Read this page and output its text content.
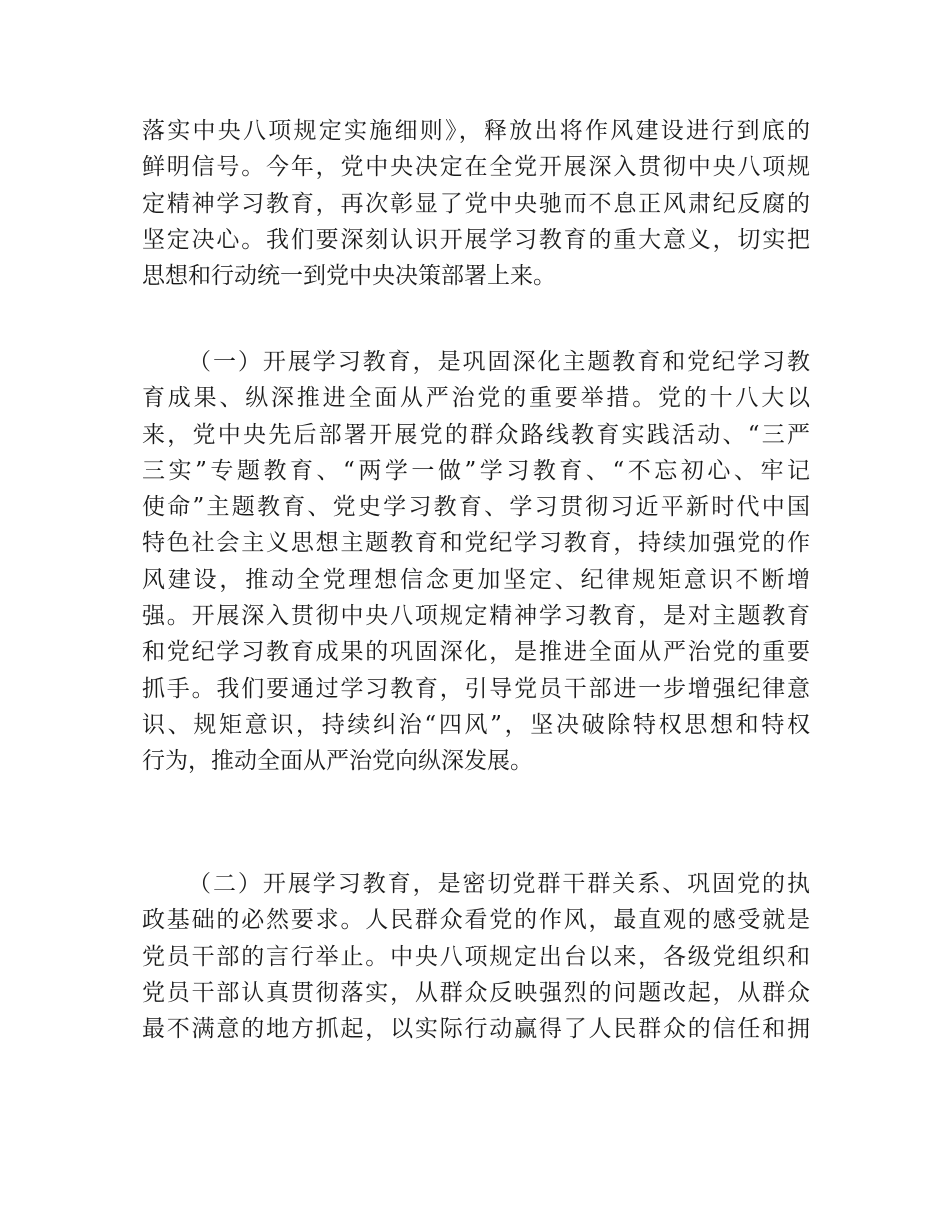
落实中央八项规定实施细则》，释放出将作风建设进行到底的
鲜明信号。今年，党中央决定在全党开展深入贯彻中央八项规
定精神学习教育，再次彰显了党中央驰而不息正风肃纪反腐的
坚定决心。我们要深刻认识开展学习教育的重大意义，切实把
思想和行动统一到党中央决策部署上来。
（一）开展学习教育，是巩固深化主题教育和党纪学习教
育成果、纵深推进全面从严治党的重要举措。党的十八大以
来，党中央先后部署开展党的群众路线教育实践活动、“三严
三实”专题教育、“两学一做”学习教育、“不忘初心、牢记
使命”主题教育、党史学习教育、学习贯彻习近平新时代中国
特色社会主义思想主题教育和党纪学习教育，持续加强党的作
风建设，推动全党理想信念更加坚定、纪律规矩意识不断增
强。开展深入贯彻中央八项规定精神学习教育，是对主题教育
和党纪学习教育成果的巩固深化，是推进全面从严治党的重要
抓手。我们要通过学习教育，引导党员干部进一步增强纪律意
识、规矩意识，持续纠治“四风”，坚决破除特权思想和特权
行为，推动全面从严治党向纵深发展。
（二）开展学习教育，是密切党群干群关系、巩固党的执
政基础的必然要求。人民群众看党的作风，最直观的感受就是
党员干部的言行举止。中央八项规定出台以来，各级党组织和
党员干部认真贯彻落实，从群众反映强烈的问题改起，从群众
最不满意的地方抓起，以实际行动赢得了人民群众的信任和拥
